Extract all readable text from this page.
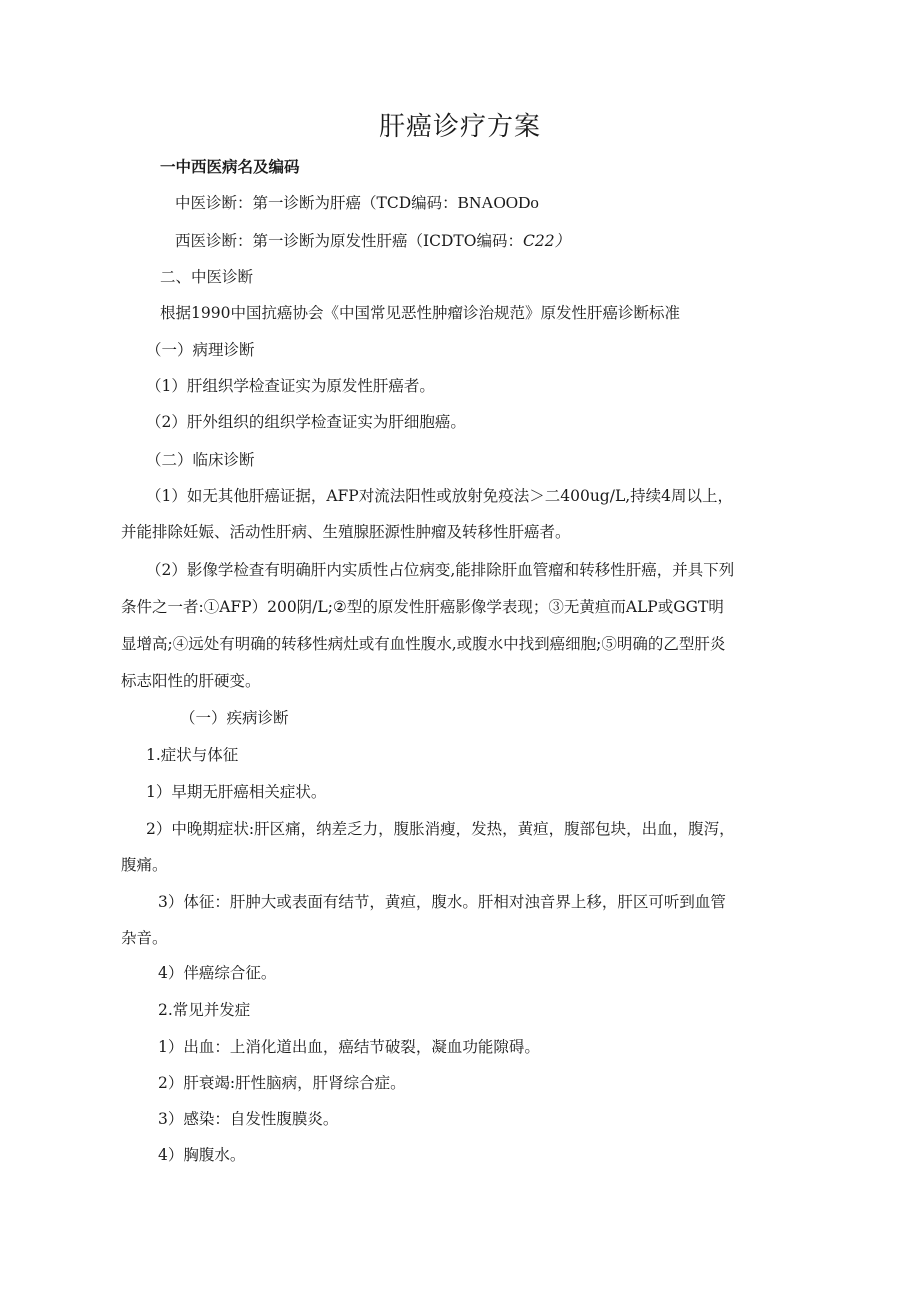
肝癌诊疗方案

一中西医病名及编码

中医诊断：第一诊断为肝癌（TCD编码：BNAOODo

西医诊断：第一诊断为原发性肝癌（ICDTO编码：C22）

二、中医诊断

根据1990中国抗癌协会《中国常见恶性肿瘤诊治规范》原发性肝癌诊断标准

（一）病理诊断

（1）肝组织学检查证实为原发性肝癌者。

（2）肝外组织的组织学检查证实为肝细胞癌。

（二）临床诊断

（1）如无其他肝癌证据，AFP对流法阳性或放射免疫法＞二400ug/L,持续4周以上，

并能排除妊娠、活动性肝病、生殖腺胚源性肿瘤及转移性肝癌者。

（2）影像学检查有明确肝内实质性占位病变,能排除肝血管瘤和转移性肝癌，并具下列

条件之一者:①AFP）200阴/L;②型的原发性肝癌影像学表现；③无黄疸而ALP或GGT明

显增高;④远处有明确的转移性病灶或有血性腹水,或腹水中找到癌细胞;⑤明确的乙型肝炎

标志阳性的肝硬变。

（一）疾病诊断

1.症状与体征

1）早期无肝癌相关症状。

2）中晚期症状:肝区痛，纳差乏力，腹胀消瘦，发热，黄疸，腹部包块，出血，腹泻，

腹痛。

3）体征：肝肿大或表面有结节，黄疸，腹水。肝相对浊音界上移，肝区可听到血管

杂音。

4）伴癌综合征。

2.常见并发症

1）出血：上消化道出血，癌结节破裂，凝血功能隙碍。

2）肝衰竭:肝性脑病，肝肾综合症。

3）感染：自发性腹膜炎。

4）胸腹水。
